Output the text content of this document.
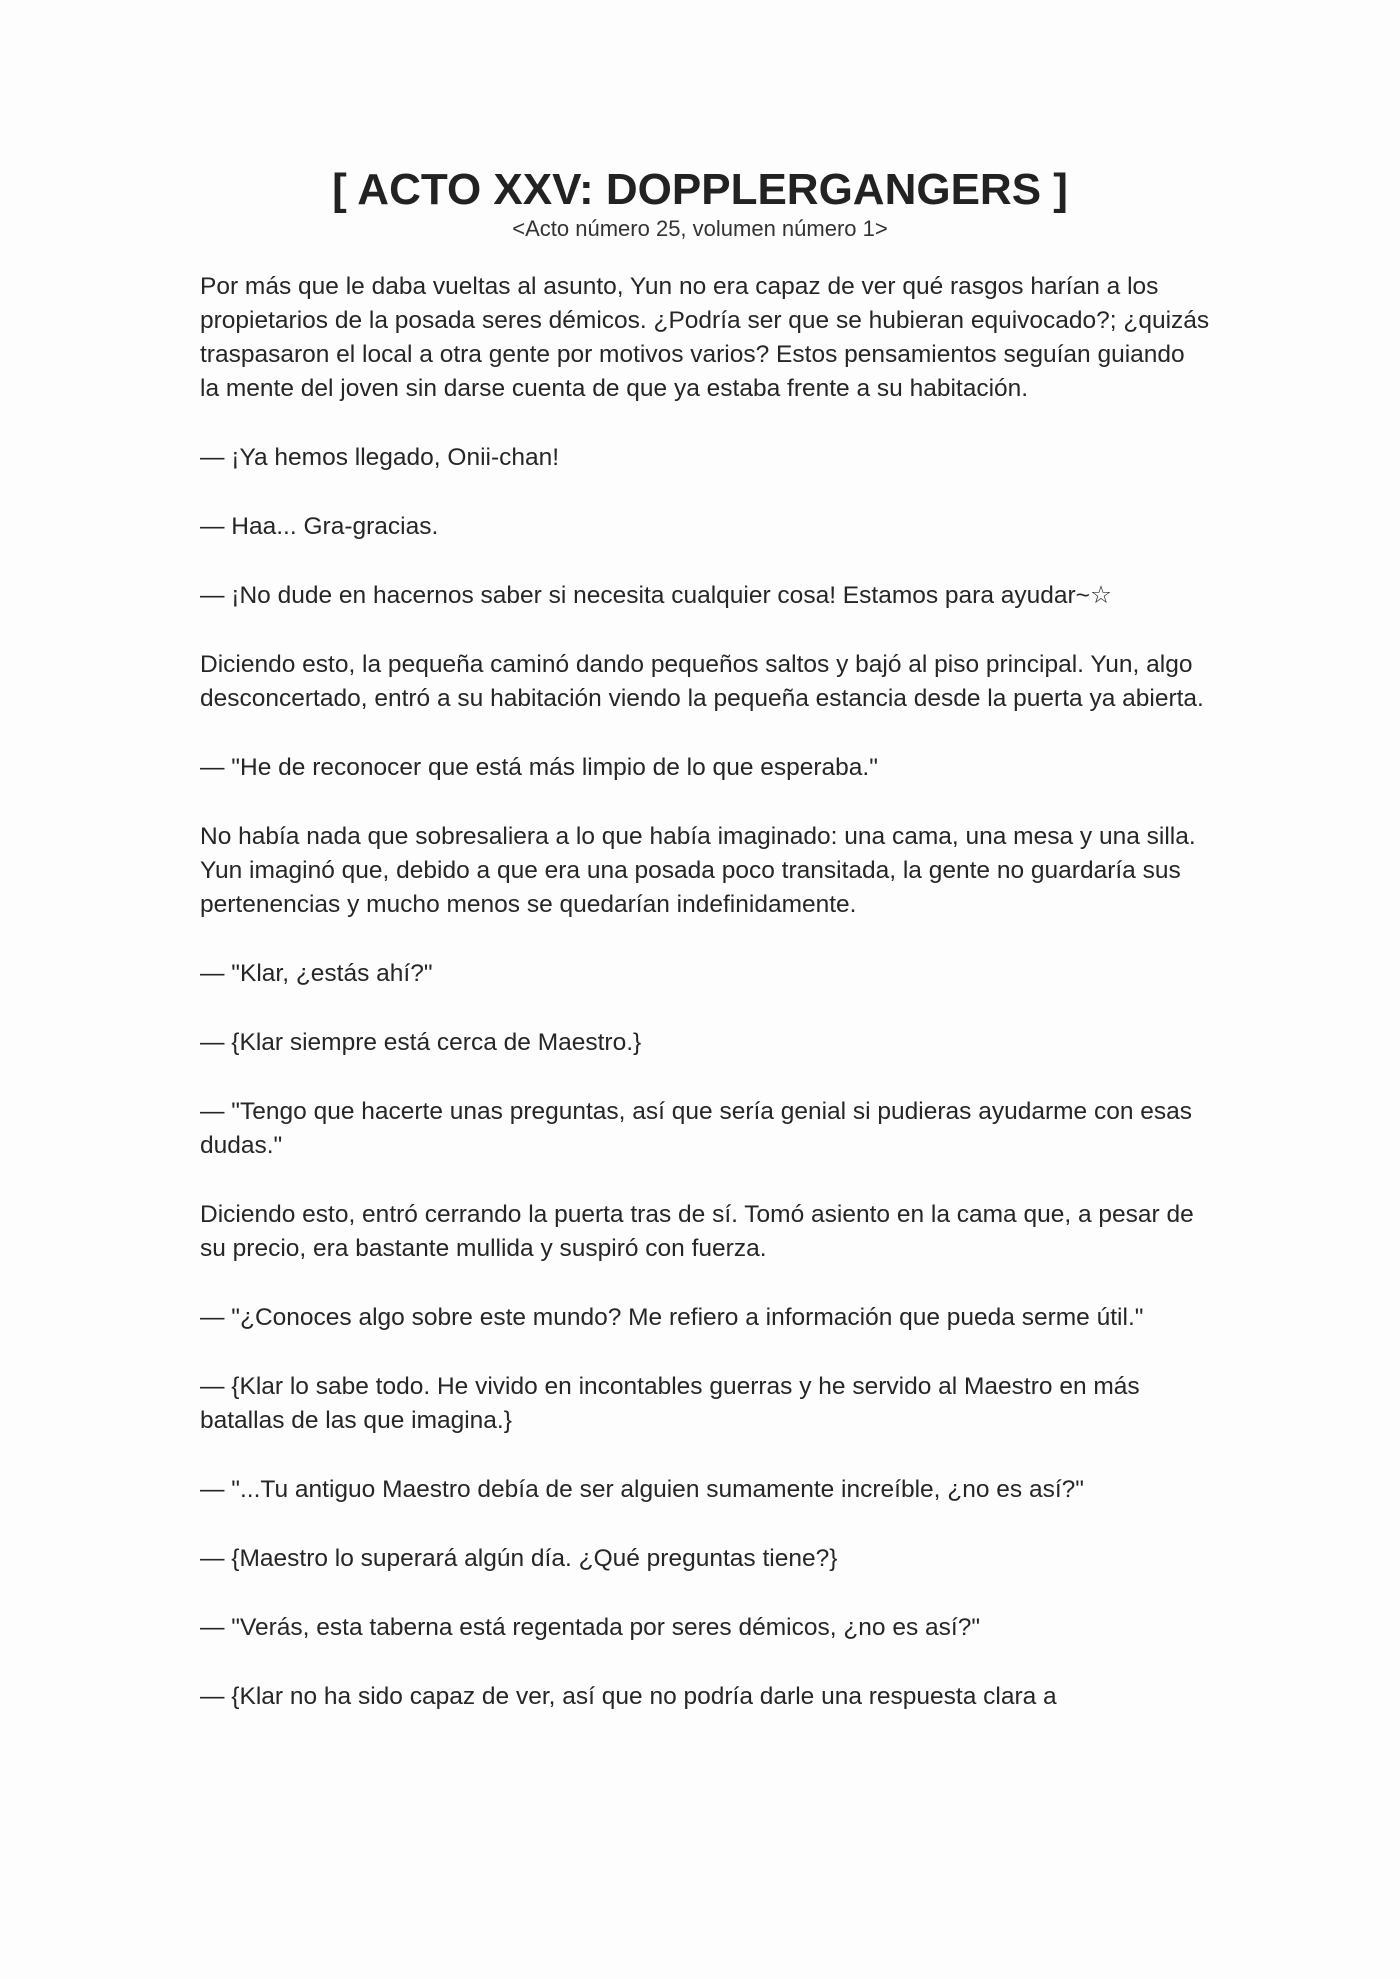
[ ACTO XXV: DOPPLERGANGERS ]
<Acto número 25, volumen número 1>

Por más que le daba vueltas al asunto, Yun no era capaz de ver qué rasgos harían a los propietarios de la posada seres démicos. ¿Podría ser que se hubieran equivocado?; ¿quizás traspasaron el local a otra gente por motivos varios? Estos pensamientos seguían guiando la mente del joven sin darse cuenta de que ya estaba frente a su habitación.

— ¡Ya hemos llegado, Onii-chan!

— Haa... Gra-gracias.

— ¡No dude en hacernos saber si necesita cualquier cosa! Estamos para ayudar~☆

Diciendo esto, la pequeña caminó dando pequeños saltos y bajó al piso principal. Yun, algo desconcertado, entró a su habitación viendo la pequeña estancia desde la puerta ya abierta.

— "He de reconocer que está más limpio de lo que esperaba."

No había nada que sobresaliera a lo que había imaginado: una cama, una mesa y una silla. Yun imaginó que, debido a que era una posada poco transitada, la gente no guardaría sus pertenencias y mucho menos se quedarían indefinidamente.

— "Klar, ¿estás ahí?"

— {Klar siempre está cerca de Maestro.}

— "Tengo que hacerte unas preguntas, así que sería genial si pudieras ayudarme con esas dudas."

Diciendo esto, entró cerrando la puerta tras de sí. Tomó asiento en la cama que, a pesar de su precio, era bastante mullida y suspiró con fuerza.

— "¿Conoces algo sobre este mundo? Me refiero a información que pueda serme útil."

— {Klar lo sabe todo. He vivido en incontables guerras y he servido al Maestro en más batallas de las que imagina.}

— "...Tu antiguo Maestro debía de ser alguien sumamente increíble, ¿no es así?"

— {Maestro lo superará algún día. ¿Qué preguntas tiene?}

— "Verás, esta taberna está regentada por seres démicos, ¿no es así?"

— {Klar no ha sido capaz de ver, así que no podría darle una respuesta clara a
